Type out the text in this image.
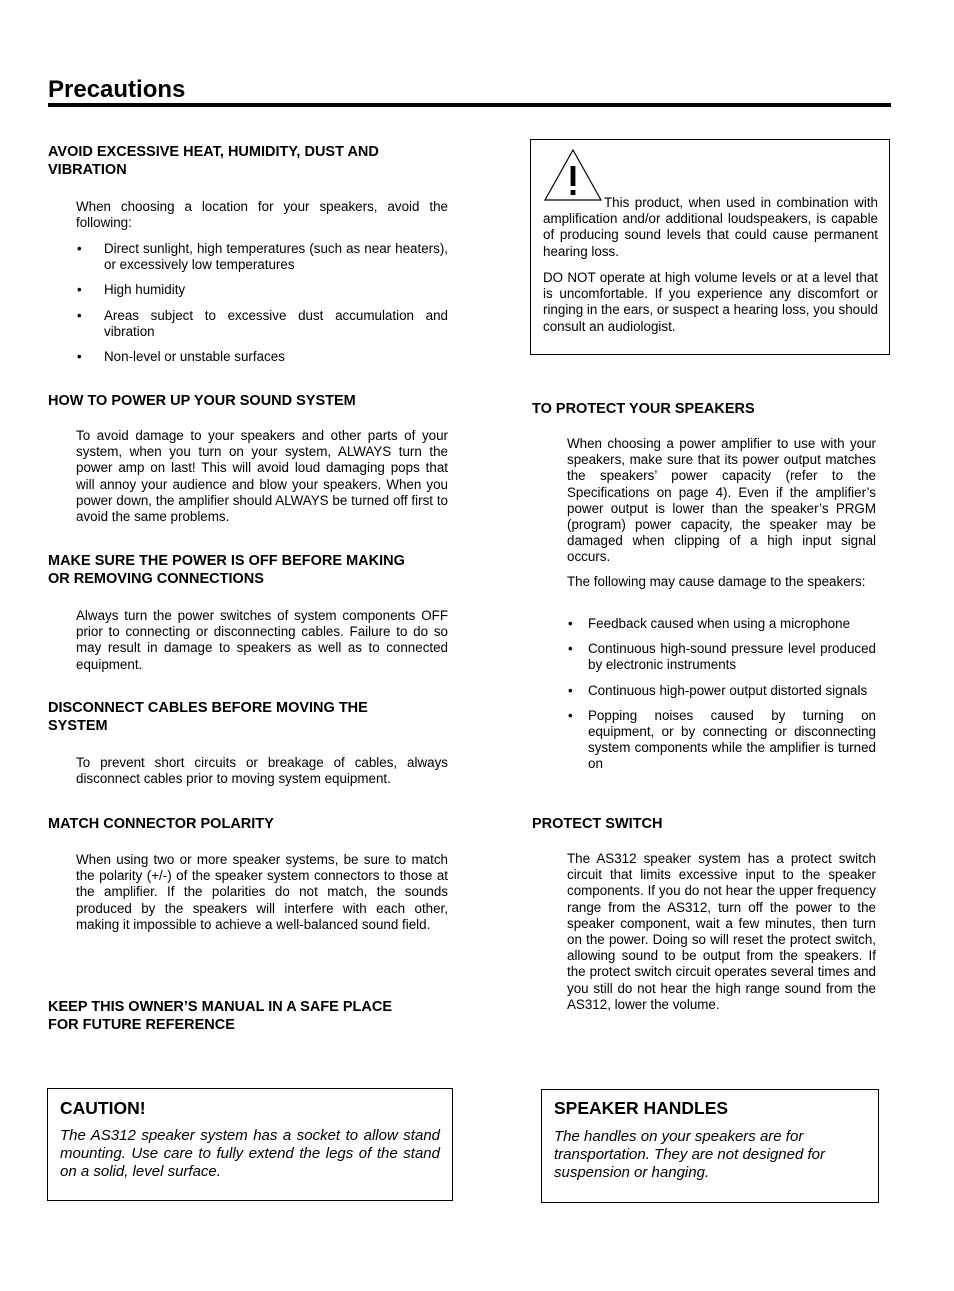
Precautions
AVOID EXCESSIVE HEAT, HUMIDITY, DUST AND
VIBRATION

When choosing a location for your speakers, avoid the following:

• Direct sunlight, high temperatures (such as near heaters), or excessively low temperatures
• High humidity
• Areas subject to excessive dust accumulation and vibration
• Non-level or unstable surfaces
HOW TO POWER UP YOUR SOUND SYSTEM

To avoid damage to your speakers and other parts of your system, when you turn on your system, ALWAYS turn the power amp on last! This will avoid loud damaging pops that will annoy your audience and blow your speakers. When you power down, the amplifier should ALWAYS be turned off first to avoid the same problems.

MAKE SURE THE POWER IS OFF BEFORE MAKING
OR REMOVING CONNECTIONS

Always turn the power switches of system components OFF prior to connecting or disconnecting cables. Failure to do so may result in damage to speakers as well as to connected equipment.

DISCONNECT CABLES BEFORE MOVING THE
SYSTEM

To prevent short circuits or breakage of cables, always disconnect cables prior to moving system equipment.

MATCH CONNECTOR POLARITY

When using two or more speaker systems, be sure to match the polarity (+/-) of the speaker system connectors to those at the amplifier. If the polarities do not match, the sounds produced by the speakers will interfere with each other, making it impossible to achieve a well-balanced sound field.

KEEP THIS OWNER’S MANUAL IN A SAFE PLACE
FOR FUTURE REFERENCE

This product, when used in combination with amplification and/or additional loudspeakers, is capable of producing sound levels that could cause permanent hearing loss.

DO NOT operate at high volume levels or at a level that is uncomfortable. If you experience any discomfort or ringing in the ears, or suspect a hearing loss, you should consult an audiologist.

TO PROTECT YOUR SPEAKERS

When choosing a power amplifier to use with your speakers, make sure that its power output matches the speakers’ power capacity (refer to the Specifications on page 4). Even if the amplifier’s power output is lower than the speaker’s PRGM (program) power capacity, the speaker may be damaged when clipping of a high input signal occurs.

The following may cause damage to the speakers:

• Feedback caused when using a microphone
• Continuous high-sound pressure level produced by electronic instruments
• Continuous high-power output distorted signals
• Popping noises caused by turning on equipment, or by connecting or disconnecting system components while the amplifier is turned on
PROTECT SWITCH

The AS312 speaker system has a protect switch circuit that limits excessive input to the speaker components. If you do not hear the upper frequency range from the AS312, turn off the power to the speaker component, wait a few minutes, then turn on the power. Doing so will reset the protect switch, allowing sound to be output from the speakers. If the protect switch circuit operates several times and you still do not hear the high range sound from the AS312, lower the volume.

CAUTION!

The AS312 speaker system has a socket to allow stand mounting. Use care to fully extend the legs of the stand on a solid, level surface.

SPEAKER HANDLES

The handles on your speakers are for transportation. They are not designed for suspension or hanging.
